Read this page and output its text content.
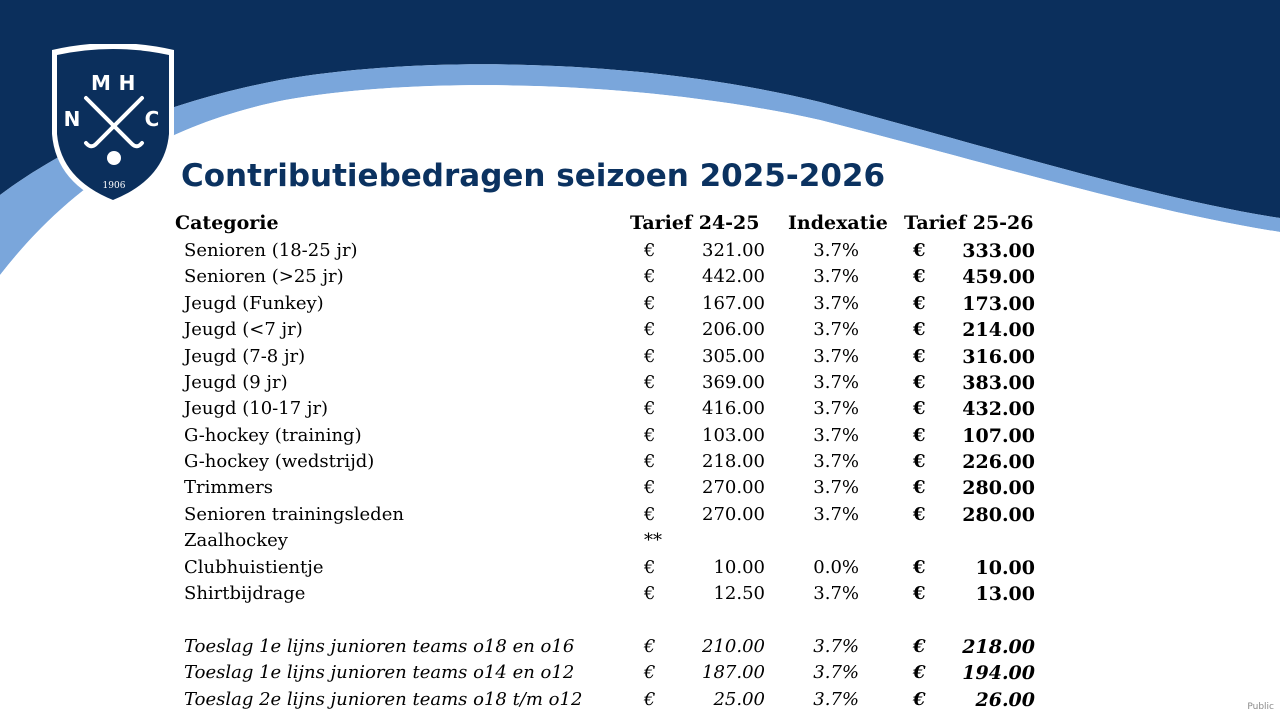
M H
N	C
1906 Contributiebedragen seizoen 2025-2026
Categorie	Tarief 24-25 Indexatie Tarief 25-26
Senioren (18-25 jr)	€	321.00	3.7%	€ 333.00
Senioren (>25 jr)	€	442.00	3.7%	€ 459.00
Jeugd (Funkey)	€	167.00	3.7%	€ 173.00
Jeugd (<7 jr)	€	206.00	3.7%	€ 214.00
Jeugd (7-8 jr)	€	305.00	3.7%	€ 316.00
Jeugd (9 jr)	€	369.00	3.7%	€ 383.00
Jeugd (10-17 jr)	€	416.00	3.7%	€ 432.00
G-hockey (training)	€	103.00	3.7%	€ 107.00
G-hockey (wedstrijd)	€	218.00	3.7%	€ 226.00
Trimmers	€	270.00	3.7%	€ 280.00
Senioren trainingsleden	€	270.00	3.7%	€ 280.00
Zaalhockey	**
Clubhuistientje	€	10.00	0.0%	€	10.00
Shirtbijdrage	€	12.50	3.7%	€	13.00
Toeslag 1e lijns junioren teams o18 en o16	€	210.00	3.7%	€ 218.00
Toeslag 1e lijns junioren teams o14 en o12	€	187.00	3.7%	€ 194.00
Toeslag 2e lijns junioren teams o18 t/m o12	€	25.00	3.7%	€	26.00	Public
